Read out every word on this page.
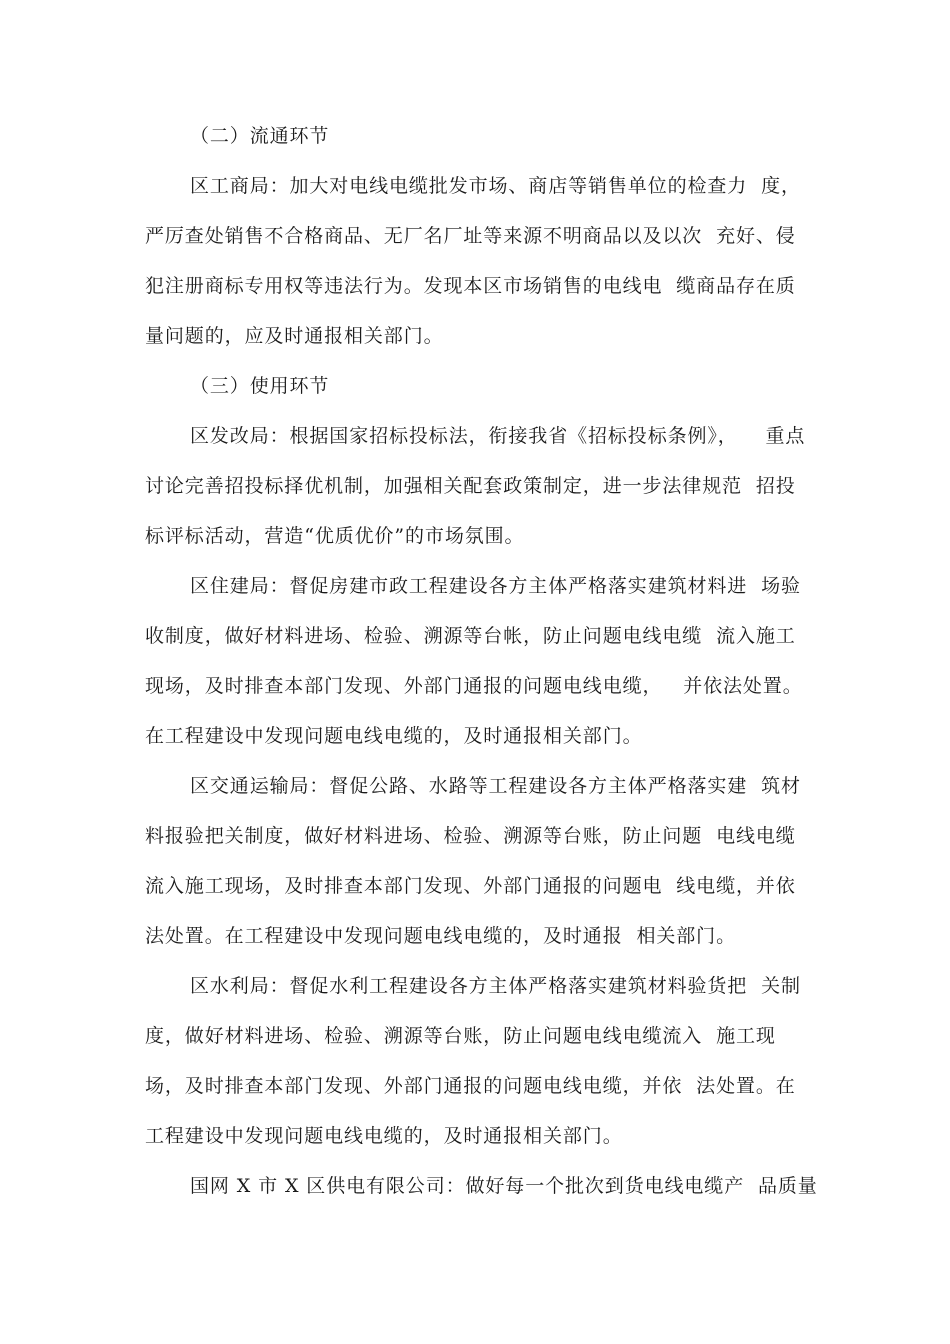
（二）流通环节
区工商局：加大对电线电缆批发市场、商店等销售单位的检查力  度，
严厉查处销售不合格商品、无厂名厂址等来源不明商品以及以次  充好、侵
犯注册商标专用权等违法行为。发现本区市场销售的电线电  缆商品存在质
量问题的，应及时通报相关部门。
（三）使用环节
区发改局：根据国家招标投标法，衔接我省《招标投标条例》，    重点
讨论完善招投标择优机制，加强相关配套政策制定，进一步法律规范  招投
标评标活动，营造“优质优价”的市场氛围。
区住建局：督促房建市政工程建设各方主体严格落实建筑材料进  场验
收制度，做好材料进场、检验、溯源等台帐，防止问题电线电缆  流入施工
现场，及时排查本部门发现、外部门通报的问题电线电缆，   并依法处置。
在工程建设中发现问题电线电缆的，及时通报相关部门。
区交通运输局：督促公路、水路等工程建设各方主体严格落实建  筑材
料报验把关制度，做好材料进场、检验、溯源等台账，防止问题  电线电缆
流入施工现场，及时排查本部门发现、外部门通报的问题电  线电缆，并依
法处置。在工程建设中发现问题电线电缆的，及时通报  相关部门。
区水利局：督促水利工程建设各方主体严格落实建筑材料验货把  关制
度，做好材料进场、检验、溯源等台账，防止问题电线电缆流入  施工现
场，及时排查本部门发现、外部门通报的问题电线电缆，并依  法处置。在
工程建设中发现问题电线电缆的，及时通报相关部门。
国网 X 市 X 区供电有限公司：做好每一个批次到货电线电缆产  品质量
